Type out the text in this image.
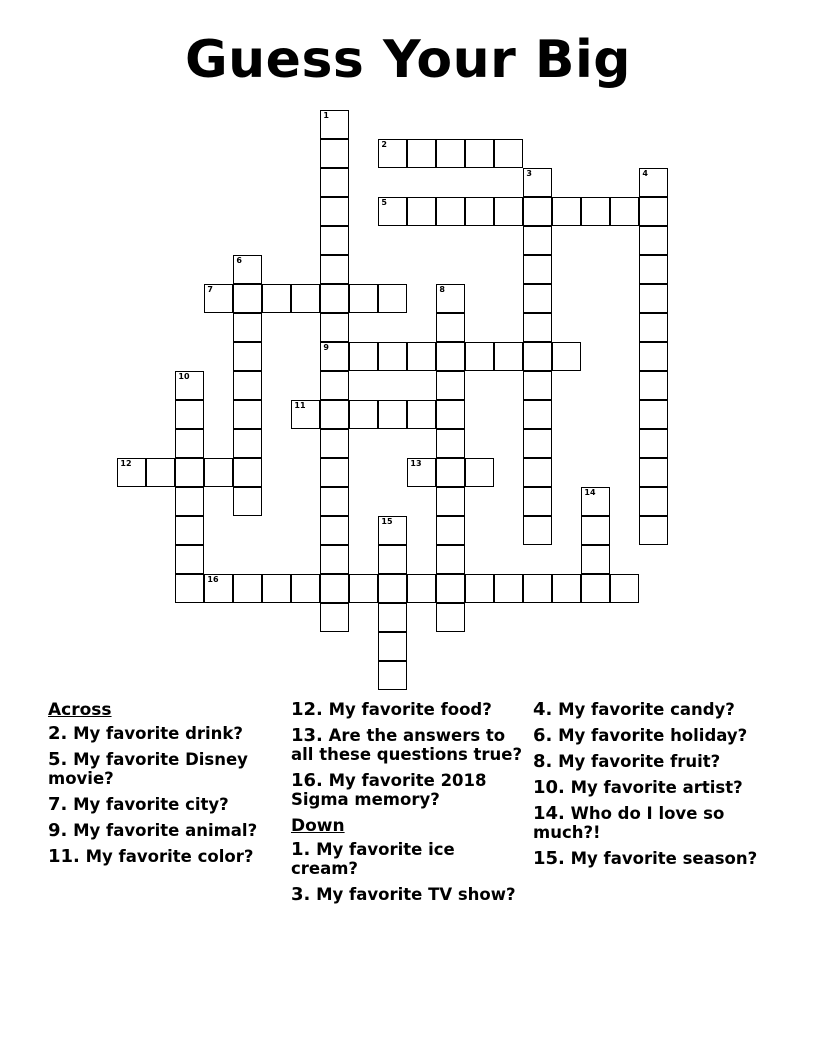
Guess Your Big
1
9
2
3	4
5
6
7	8
10
11
12	13
14
15
16
Across
2. My favorite drink?
5. My favorite Disney movie?
7. My favorite city?
9. My favorite animal?
11. My favorite color?
12. My favorite food?
13. Are the answers to all these questions true?
16. My favorite 2018 Sigma memory?
Down
1. My favorite ice cream?
3. My favorite TV show?
4. My favorite candy?
6. My favorite holiday?
8. My favorite fruit?
10. My favorite artist?
14. Who do I love so much?!
15. My favorite season?
